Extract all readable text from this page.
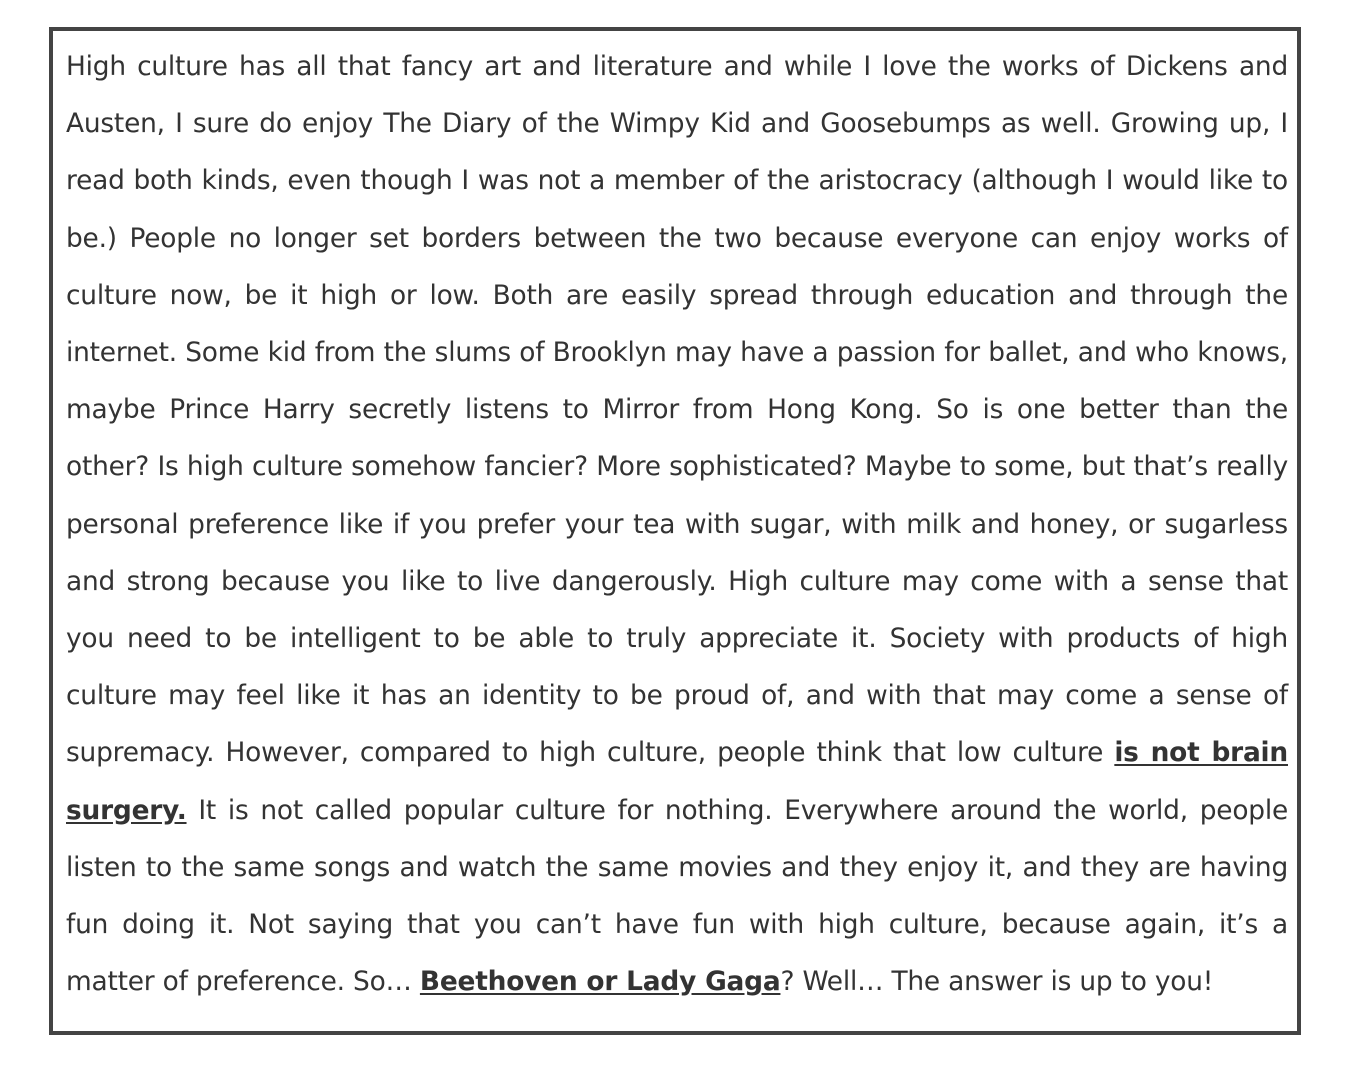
High culture has all that fancy art and literature and while I love the works of Dickens and Austen, I sure do enjoy The Diary of the Wimpy Kid and Goosebumps as well. Growing up, I read both kinds, even though I was not a member of the aristocracy (although I would like to be.) People no longer set borders between the two because everyone can enjoy works of culture now, be it high or low. Both are easily spread through education and through the internet. Some kid from the slums of Brooklyn may have a passion for ballet, and who knows, maybe Prince Harry secretly listens to Mirror from Hong Kong. So is one better than the other? Is high culture somehow fancier? More sophisticated? Maybe to some, but that’s really personal preference like if you prefer your tea with sugar, with milk and honey, or sugarless and strong because you like to live dangerously. High culture may come with a sense that you need to be intelligent to be able to truly appreciate it. Society with products of high culture may feel like it has an identity to be proud of, and with that may come a sense of supremacy. However, compared to high culture, people think that low culture is not brain surgery. It is not called popular culture for nothing. Everywhere around the world, people listen to the same songs and watch the same movies and they enjoy it, and they are having fun doing it. Not saying that you can’t have fun with high culture, because again, it’s a matter of preference. So… Beethoven or Lady Gaga? Well… The answer is up to you!
